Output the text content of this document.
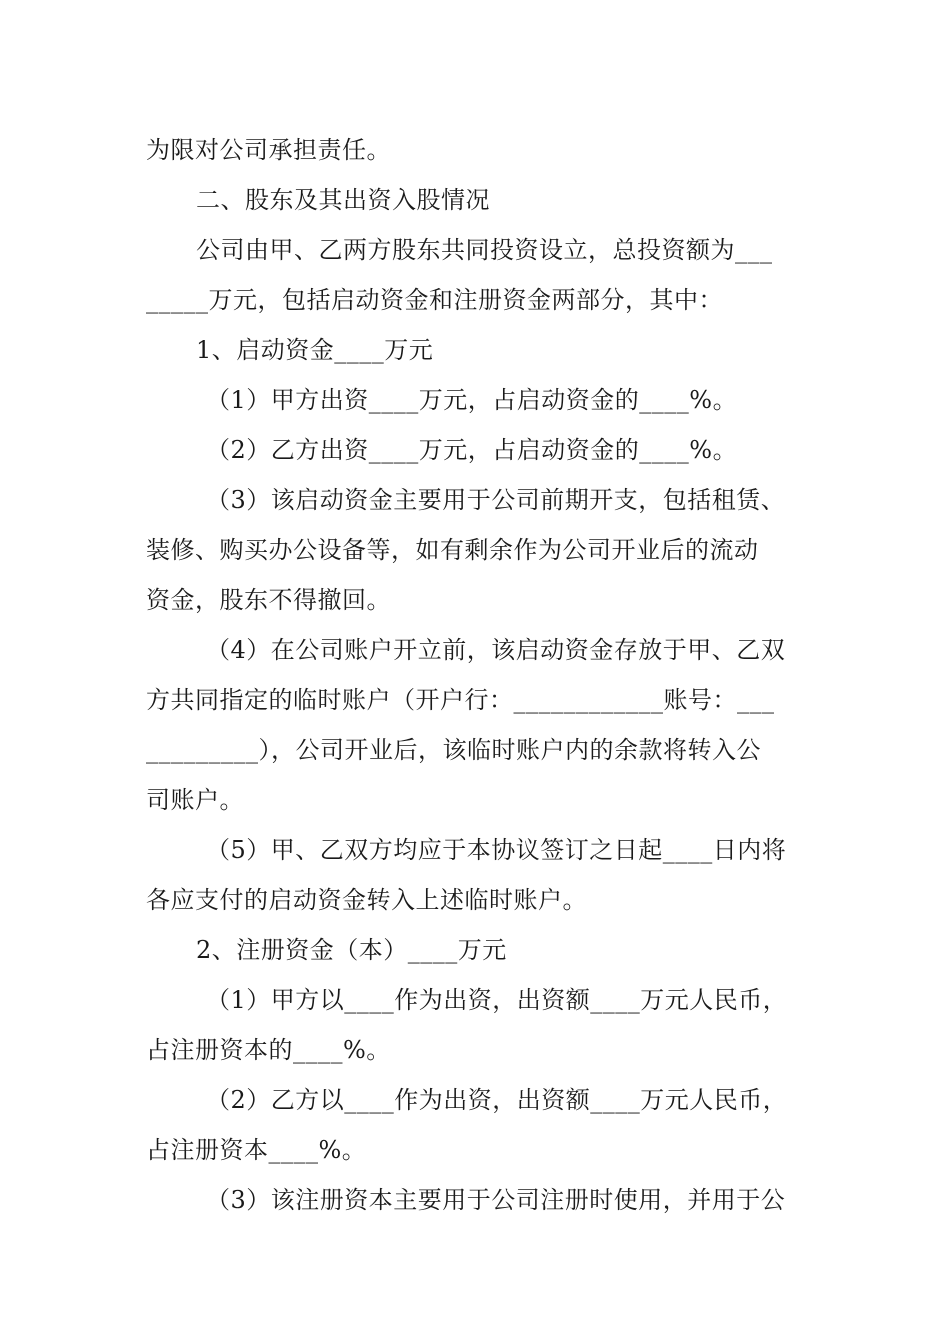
为限对公司承担责任。
二、股东及其出资入股情况
公司由甲、乙两方股东共同投资设立，总投资额为___
_____万元，包括启动资金和注册资金两部分，其中：
1、启动资金____万元
（1）甲方出资____万元，占启动资金的____%。
（2）乙方出资____万元，占启动资金的____%。
（3）该启动资金主要用于公司前期开支，包括租赁、
装修、购买办公设备等，如有剩余作为公司开业后的流动
资金，股东不得撤回。
（4）在公司账户开立前，该启动资金存放于甲、乙双
方共同指定的临时账户（开户行：____________账号：___
_________），公司开业后，该临时账户内的余款将转入公
司账户。
（5）甲、乙双方均应于本协议签订之日起____日内将
各应支付的启动资金转入上述临时账户。
2、注册资金（本）____万元
（1）甲方以____作为出资，出资额____万元人民币，
占注册资本的____%。
（2）乙方以____作为出资，出资额____万元人民币，
占注册资本____%。
（3）该注册资本主要用于公司注册时使用，并用于公
